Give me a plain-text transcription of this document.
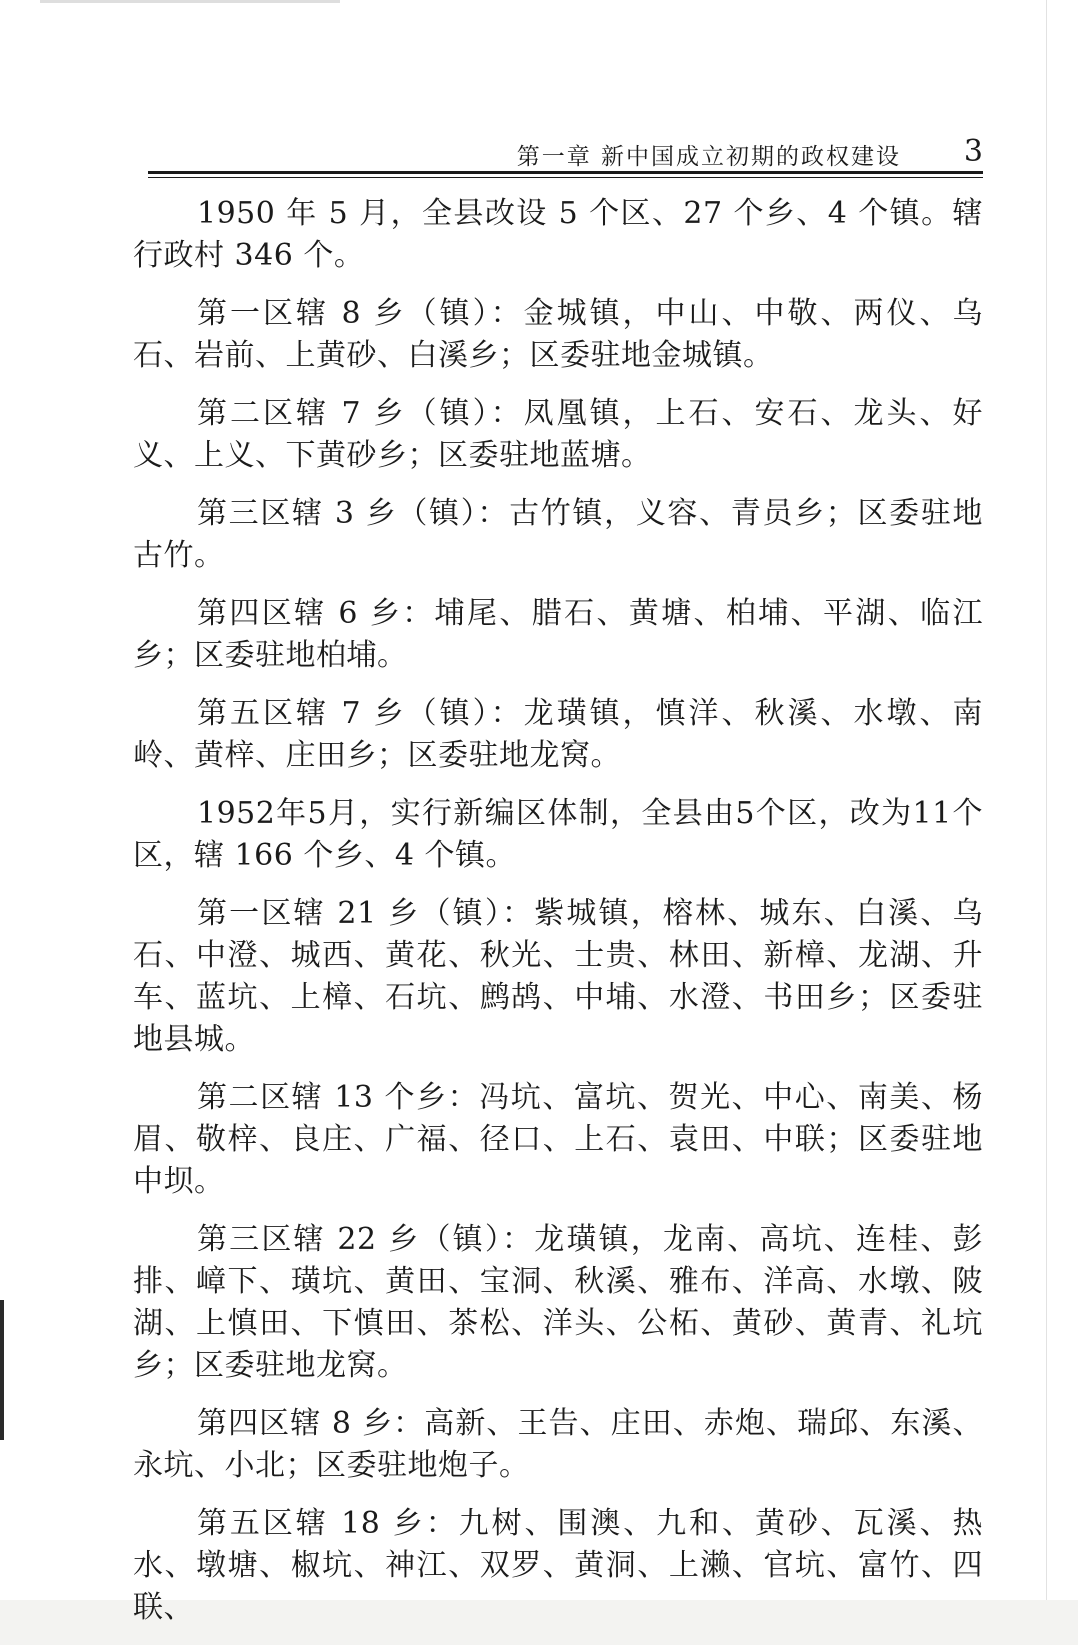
第一章 新中国成立初期的政权建设 3

1950 年 5 月，全县改设 5 个区、27 个乡、4 个镇。辖行政村 346 个。

第一区辖 8 乡（镇）：金城镇，中山、中敬、两仪、乌石、岩前、上黄砂、白溪乡；区委驻地金城镇。

第二区辖 7 乡（镇）：凤凰镇，上石、安石、龙头、好义、上义、下黄砂乡；区委驻地蓝塘。

第三区辖 3 乡（镇）：古竹镇，义容、青员乡；区委驻地古竹。

第四区辖 6 乡：埔尾、腊石、黄塘、柏埔、平湖、临江乡；区委驻地柏埔。

第五区辖 7 乡（镇）：龙璜镇，慎洋、秋溪、水墩、南岭、黄梓、庄田乡；区委驻地龙窝。

1952年5月，实行新编区体制，全县由5个区，改为11个区，辖 166 个乡、4 个镇。

第一区辖 21 乡（镇）：紫城镇，榕林、城东、白溪、乌石、中澄、城西、黄花、秋光、士贵、林田、新樟、龙湖、升车、蓝坑、上樟、石坑、鹧鸪、中埔、水澄、书田乡；区委驻地县城。

第二区辖 13 个乡：冯坑、富坑、贺光、中心、南美、杨眉、敬梓、良庄、广福、径口、上石、袁田、中联；区委驻地中坝。

第三区辖 22 乡（镇）：龙璜镇，龙南、高坑、连桂、彭排、嶂下、璜坑、黄田、宝洞、秋溪、雅布、洋高、水墩、陂湖、上慎田、下慎田、茶松、洋头、公柘、黄砂、黄青、礼坑乡；区委驻地龙窝。

第四区辖 8 乡：高新、王告、庄田、赤炮、瑞邱、东溪、永坑、小北；区委驻地炮子。

第五区辖 18 乡：九树、围澳、九和、黄砂、瓦溪、热水、墩塘、椒坑、神江、双罗、黄洞、上濑、官坑、富竹、四联、
